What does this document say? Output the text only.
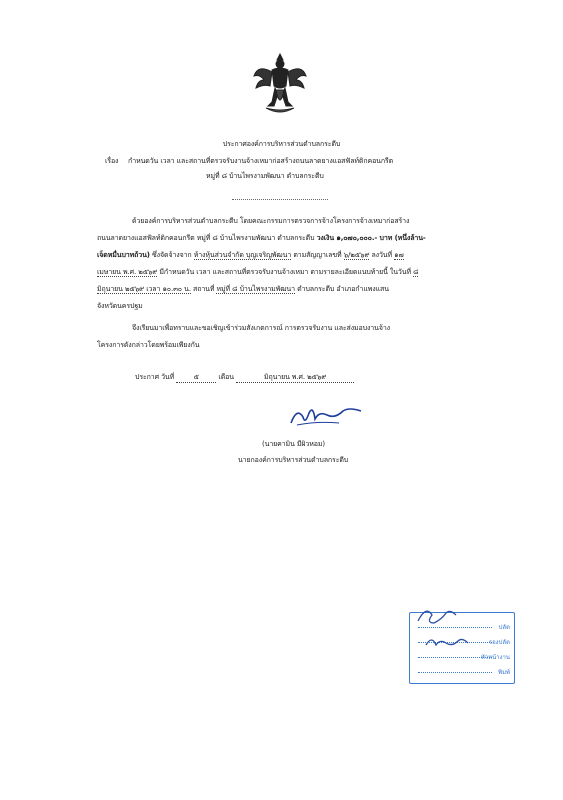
ประกาศองค์การบริหารส่วนตำบลกระตีบ
เรื่อง กำหนดวัน เวลา และสถานที่ตรวจรับงานจ้างเหมาก่อสร้างถนนลาดยางแอสฟัลท์ติกคอนกรีต
หมู่ที่ ๘ บ้านไพรงามพัฒนา ตำบลกระตีบ
ด้วยองค์การบริหารส่วนตำบลกระตีบ โดยคณะกรรมการตรวจการจ้างโครงการจ้างเหมาก่อสร้าง
ถนนลาดยางแอสฟัลท์ติกคอนกรีต หมู่ที่ ๘ บ้านไพรงามพัฒนา ตำบลกระตีบ วงเงิน ๑,๐๗๐,๐๐๐.- บาท (หนึ่งล้าน-
เจ็ดหมื่นบาทถ้วน) ซึ่งจัดจ้างจาก ห้างหุ้นส่วนจำกัด บุญเจริญพัฒนา ตามสัญญาเลขที่ ๖/๒๕๖๙ ลงวันที่ ๑๗
เมษายน พ.ศ. ๒๕๖๙ มีกำหนดวัน เวลา และสถานที่ตรวจรับงานจ้างเหมา ตามรายละเอียดแนบท้ายนี้ ในวันที่ ๘
มิถุนายน ๒๕๖๙ เวลา ๑๐.๓๐ น. สถานที่ หมู่ที่ ๘ บ้านไพรงามพัฒนา ตำบลกระตีบ อำเภอกำแพงแสน
จังหวัดนครปฐม
จึงเรียนมาเพื่อทราบและขอเชิญเข้าร่วมสังเกตการณ์ การตรวจรับงาน และส่งมอบงานจ้าง
โครงการดังกล่าวโดยพร้อมเพียงกัน
ประกาศ วันที่	๕	เดือน	มิถุนายน พ.ศ. ๒๕๖๙
(นายคามิน มีผิวหอม)
นายกองค์การบริหารส่วนตำบลกระตีบ
ปลัด
รองปลัด
หัวหน้างาน
พิมพ์
